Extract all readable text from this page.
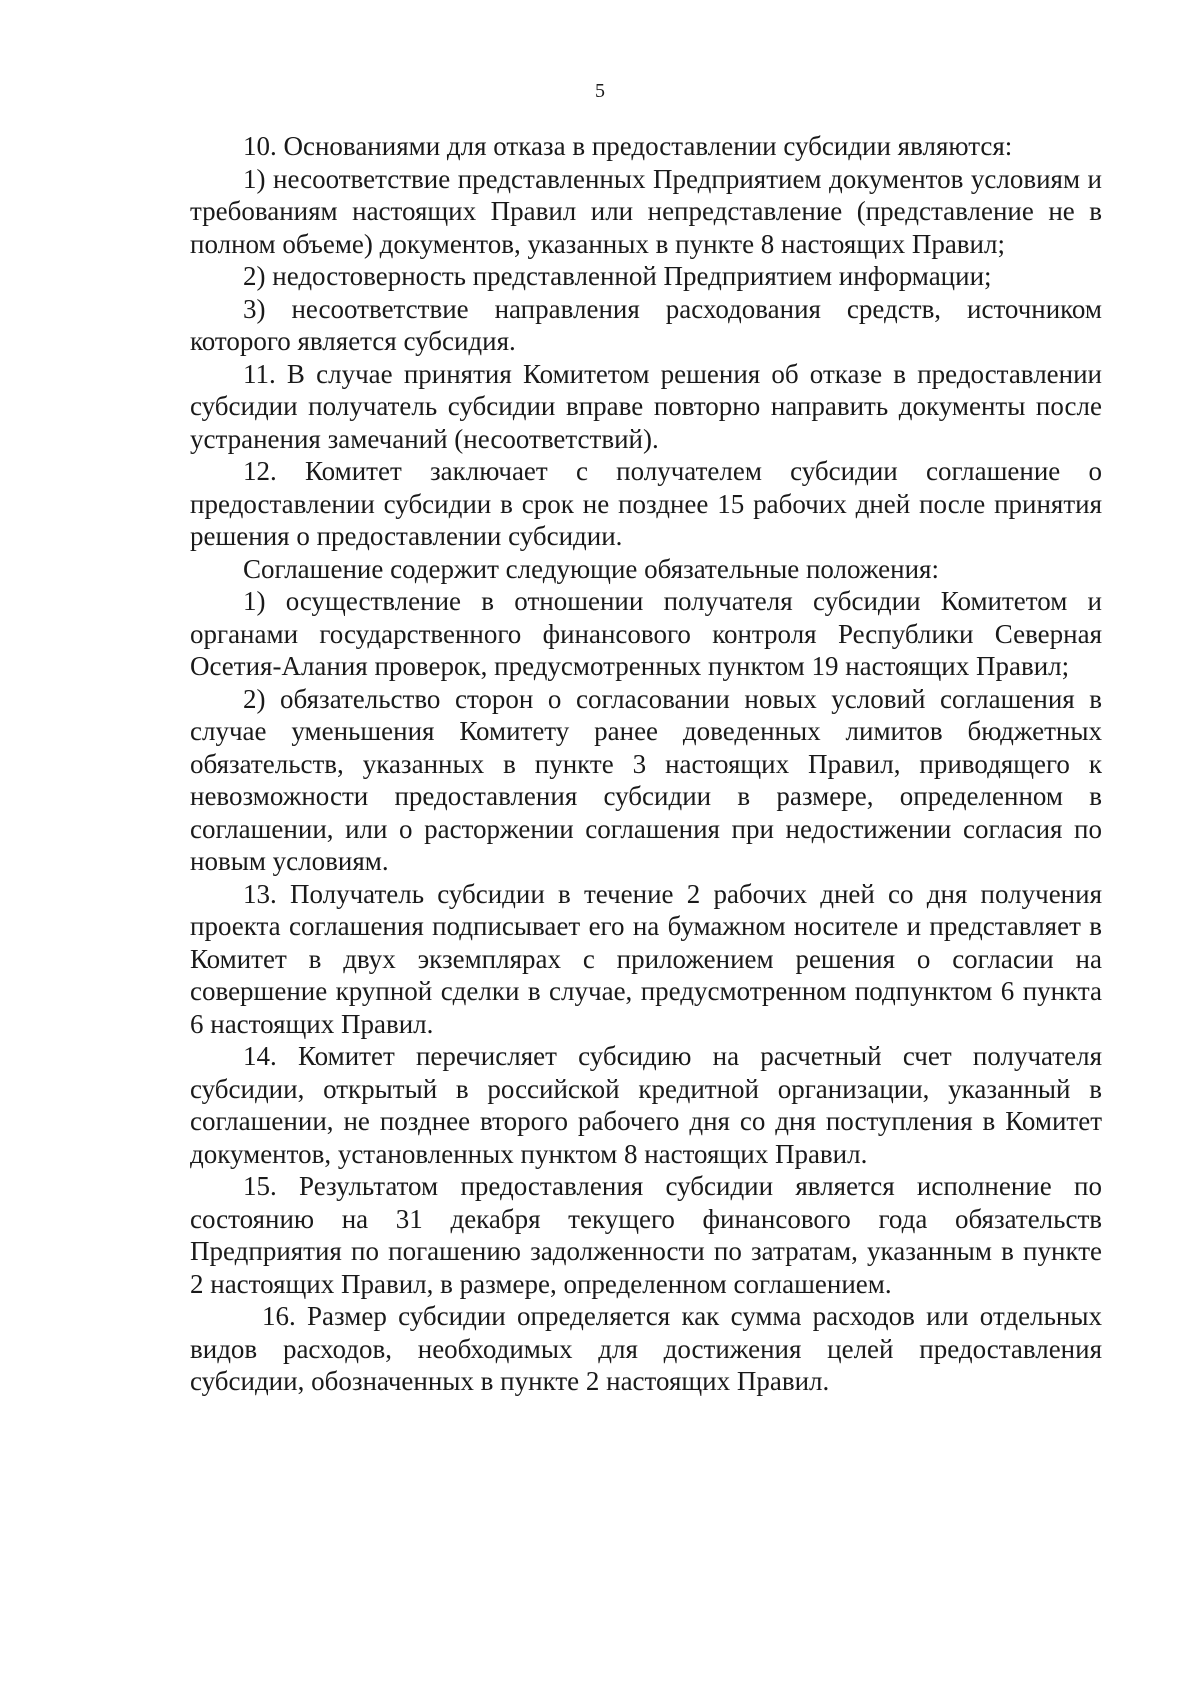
5

10. Основаниями для отказа в предоставлении субсидии являются:

1) несоответствие представленных Предприятием документов условиям и требованиям настоящих Правил или непредставление (представление не в полном объеме) документов, указанных в пункте 8 настоящих Правил;

2) недостоверность представленной Предприятием информации;

3) несоответствие направления расходования средств, источником которого является субсидия.

11. В случае принятия Комитетом решения об отказе в предоставлении субсидии получатель субсидии вправе повторно направить документы после устранения замечаний (несоответствий).

12. Комитет заключает с получателем субсидии соглашение о предоставлении субсидии в срок не позднее 15 рабочих дней после принятия решения о предоставлении субсидии.

Соглашение содержит следующие обязательные положения:

1) осуществление в отношении получателя субсидии Комитетом и органами государственного финансового контроля Республики Северная Осетия-Алания проверок, предусмотренных пунктом 19 настоящих Правил;

2) обязательство сторон о согласовании новых условий соглашения в случае уменьшения Комитету ранее доведенных лимитов бюджетных обязательств, указанных в пункте 3 настоящих Правил, приводящего к невозможности предоставления субсидии в размере, определенном в соглашении, или о расторжении соглашения при недостижении согласия по новым условиям.

13. Получатель субсидии в течение 2 рабочих дней со дня получения проекта соглашения подписывает его на бумажном носителе и представляет в Комитет в двух экземплярах с приложением решения о согласии на совершение крупной сделки в случае, предусмотренном подпунктом 6 пункта 6 настоящих Правил.

14. Комитет перечисляет субсидию на расчетный счет получателя субсидии, открытый в российской кредитной организации, указанный в соглашении, не позднее второго рабочего дня со дня поступления в Комитет документов, установленных пунктом 8 настоящих Правил.

15. Результатом предоставления субсидии является исполнение по состоянию на 31 декабря текущего финансового года обязательств Предприятия по погашению задолженности по затратам, указанным в пункте 2 настоящих Правил, в размере, определенном соглашением.

16. Размер субсидии определяется как сумма расходов или отдельных видов расходов, необходимых для достижения целей предоставления субсидии, обозначенных в пункте 2 настоящих Правил.
